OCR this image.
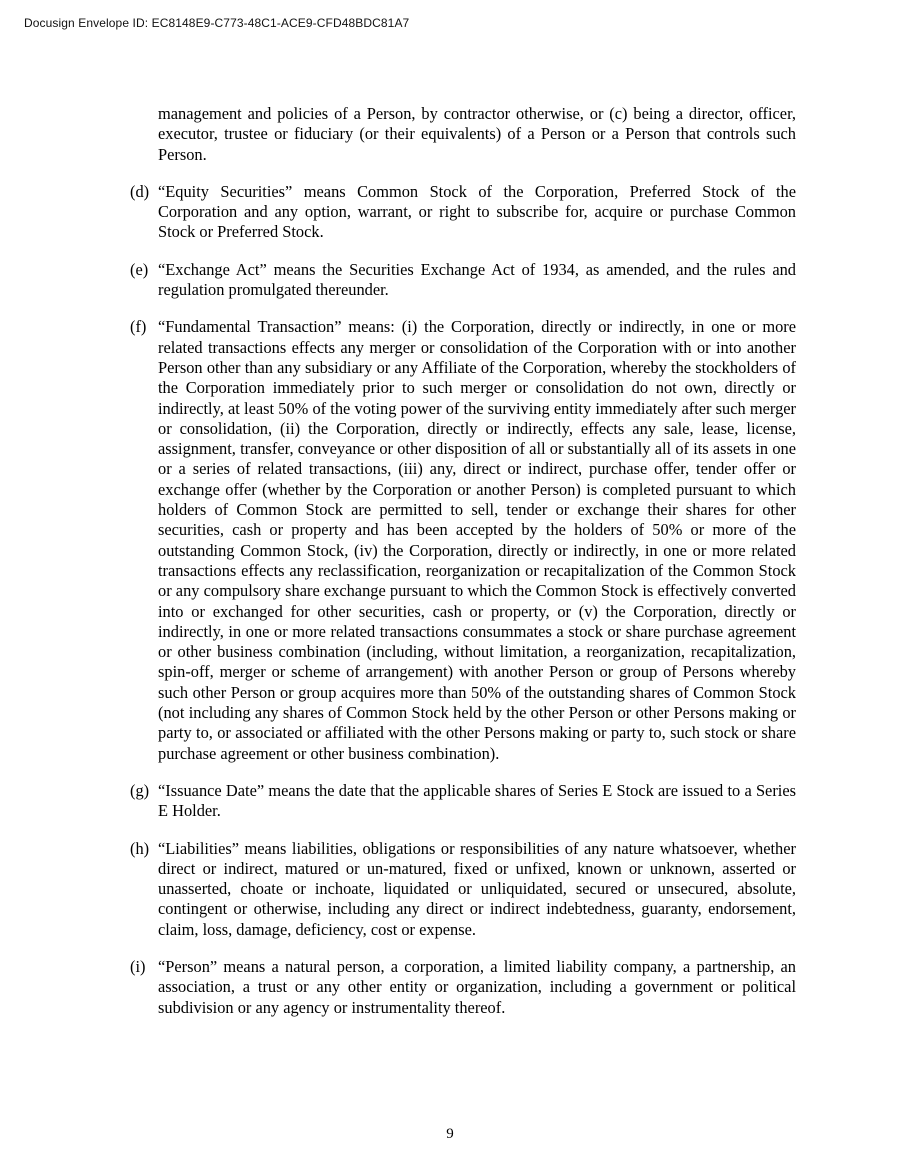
Docusign Envelope ID: EC8148E9-C773-48C1-ACE9-CFD48BDC81A7

management and policies of a Person, by contractor otherwise, or (c) being a director, officer, executor, trustee or fiduciary (or their equivalents) of a Person or a Person that controls such Person.

(d) “Equity Securities” means Common Stock of the Corporation, Preferred Stock of the Corporation and any option, warrant, or right to subscribe for, acquire or purchase Common Stock or Preferred Stock.
(e) “Exchange Act” means the Securities Exchange Act of 1934, as amended, and the rules and regulation promulgated thereunder.
(f) “Fundamental Transaction” means: (i) the Corporation, directly or indirectly, in one or more related transactions effects any merger or consolidation of the Corporation with or into another Person other than any subsidiary or any Affiliate of the Corporation, whereby the stockholders of the Corporation immediately prior to such merger or consolidation do not own, directly or indirectly, at least 50% of the voting power of the surviving entity immediately after such merger or consolidation, (ii) the Corporation, directly or indirectly, effects any sale, lease, license, assignment, transfer, conveyance or other disposition of all or substantially all of its assets in one or a series of related transactions, (iii) any, direct or indirect, purchase offer, tender offer or exchange offer (whether by the Corporation or another Person) is completed pursuant to which holders of Common Stock are permitted to sell, tender or exchange their shares for other securities, cash or property and has been accepted by the holders of 50% or more of the outstanding Common Stock, (iv) the Corporation, directly or indirectly, in one or more related transactions effects any reclassification, reorganization or recapitalization of the Common Stock or any compulsory share exchange pursuant to which the Common Stock is effectively converted into or exchanged for other securities, cash or property, or (v) the Corporation, directly or indirectly, in one or more related transactions consummates a stock or share purchase agreement or other business combination (including, without limitation, a reorganization, recapitalization, spin-off, merger or scheme of arrangement) with another Person or group of Persons whereby such other Person or group acquires more than 50% of the outstanding shares of Common Stock (not including any shares of Common Stock held by the other Person or other Persons making or party to, or associated or affiliated with the other Persons making or party to, such stock or share purchase agreement or other business combination).
(g) “Issuance Date” means the date that the applicable shares of Series E Stock are issued to a Series E Holder.
(h) “Liabilities” means liabilities, obligations or responsibilities of any nature whatsoever, whether direct or indirect, matured or un-matured, fixed or unfixed, known or unknown, asserted or unasserted, choate or inchoate, liquidated or unliquidated, secured or unsecured, absolute, contingent or otherwise, including any direct or indirect indebtedness, guaranty, endorsement, claim, loss, damage, deficiency, cost or expense.
(i) “Person” means a natural person, a corporation, a limited liability company, a partnership, an association, a trust or any other entity or organization, including a government or political subdivision or any agency or instrumentality thereof.
9
